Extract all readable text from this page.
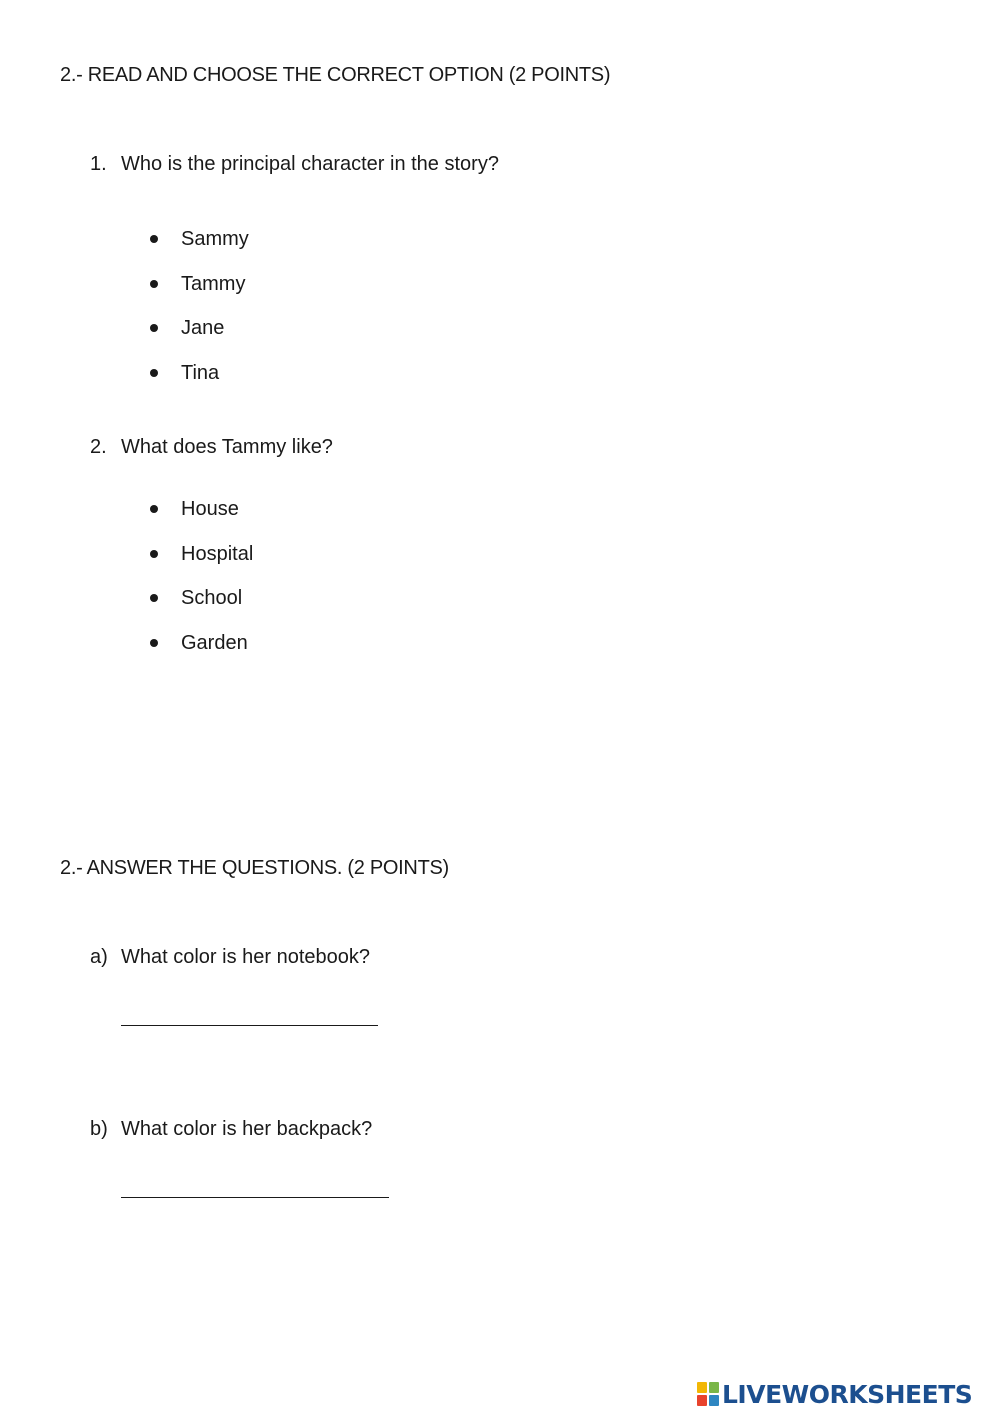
2.- READ AND CHOOSE THE CORRECT OPTION (2 POINTS)
1. Who is the principal character in the story?
Sammy
Tammy
Jane
Tina
2. What does Tammy like?
House
Hospital
School
Garden
2.- ANSWER THE QUESTIONS. (2 POINTS)
a) What color is her notebook?
b) What color is her backpack?
LIVEWORKSHEETS
